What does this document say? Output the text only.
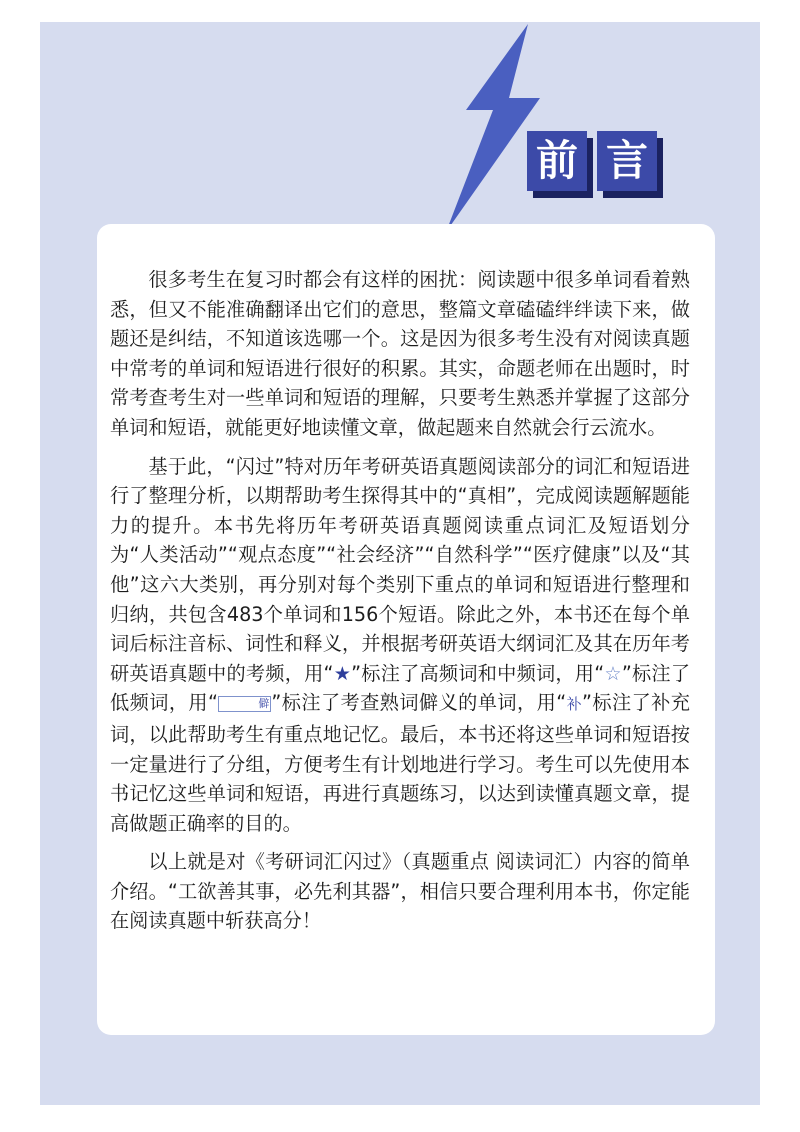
前 言

很多考生在复习时都会有这样的困扰：阅读题中很多单词看着熟悉，但又不能准确翻译出它们的意思，整篇文章磕磕绊绊读下来，做题还是纠结，不知道该选哪一个。这是因为很多考生没有对阅读真题中常考的单词和短语进行很好的积累。其实，命题老师在出题时，时常考查考生对一些单词和短语的理解，只要考生熟悉并掌握了这部分单词和短语，就能更好地读懂文章，做起题来自然就会行云流水。

基于此，“闪过”特对历年考研英语真题阅读部分的词汇和短语进行了整理分析，以期帮助考生探得其中的“真相”，完成阅读题解题能力的提升。本书先将历年考研英语真题阅读重点词汇及短语划分为“人类活动”“观点态度”“社会经济”“自然科学”“医疗健康”以及“其他”这六大类别，再分别对每个类别下重点的单词和短语进行整理和归纳，共包含483个单词和156个短语。除此之外，本书还在每个单词后标注音标、词性和释义，并根据考研英语大纲词汇及其在历年考研英语真题中的考频，用“★”标注了高频词和中频词，用“☆”标注了低频词，用“	僻 ”标注了考查熟词僻义的单词，用“补”标注了补充词，以此帮助考生有重点地记忆。最后，本书还将这些单词和短语按一定量进行了分组，方便考生有计划地进行学习。考生可以先使用本书记忆这些单词和短语，再进行真题练习，以达到读懂真题文章，提高做题正确率的目的。

以上就是对《考研词汇闪过》（真题重点 阅读词汇）内容的简单介绍。“工欲善其事，必先利其器”，相信只要合理利用本书，你定能在阅读真题中斩获高分！
